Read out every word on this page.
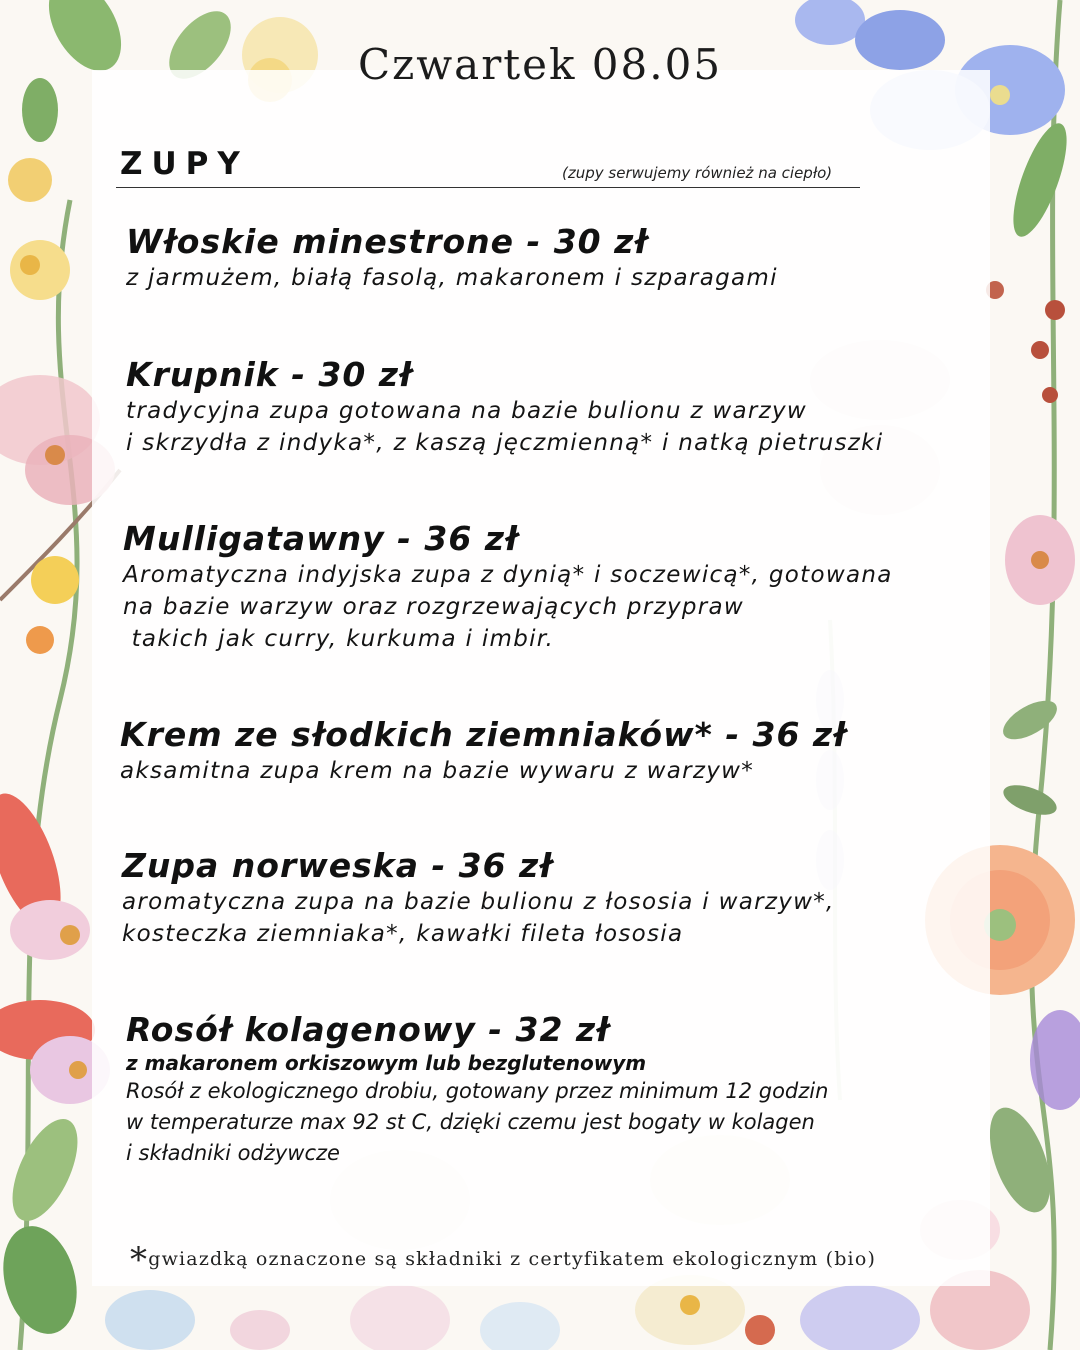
Czwartek 08.05
ZUPY	(zupy serwujemy również na ciepło)
Włoskie minestrone - 30 zł
z jarmużem, białą fasolą, makaronem i szparagami
Krupnik - 30 zł
tradycyjna zupa gotowana na bazie bulionu z warzyw
i skrzydła z indyka*, z kaszą jęczmienną* i natką pietruszki
Mulligatawny - 36 zł
Aromatyczna indyjska zupa z dynią* i soczewicą*, gotowana
na bazie warzyw oraz rozgrzewających przypraw
takich jak curry, kurkuma i imbir.
Krem ze słodkich ziemniaków* - 36 zł
aksamitna zupa krem na bazie wywaru z warzyw*
Zupa norweska - 36 zł
aromatyczna zupa na bazie bulionu z łososia i warzyw*,
kosteczka ziemniaka*, kawałki fileta łososia
Rosół kolagenowy - 32 zł
z makaronem orkiszowym lub bezglutenowym
Rosół z ekologicznego drobiu, gotowany przez minimum 12 godzin
w temperaturze max 92 st C, dzięki czemu jest bogaty w kolagen
i składniki odżywcze
*gwiazdką oznaczone są składniki z certyfikatem ekologicznym (bio)
